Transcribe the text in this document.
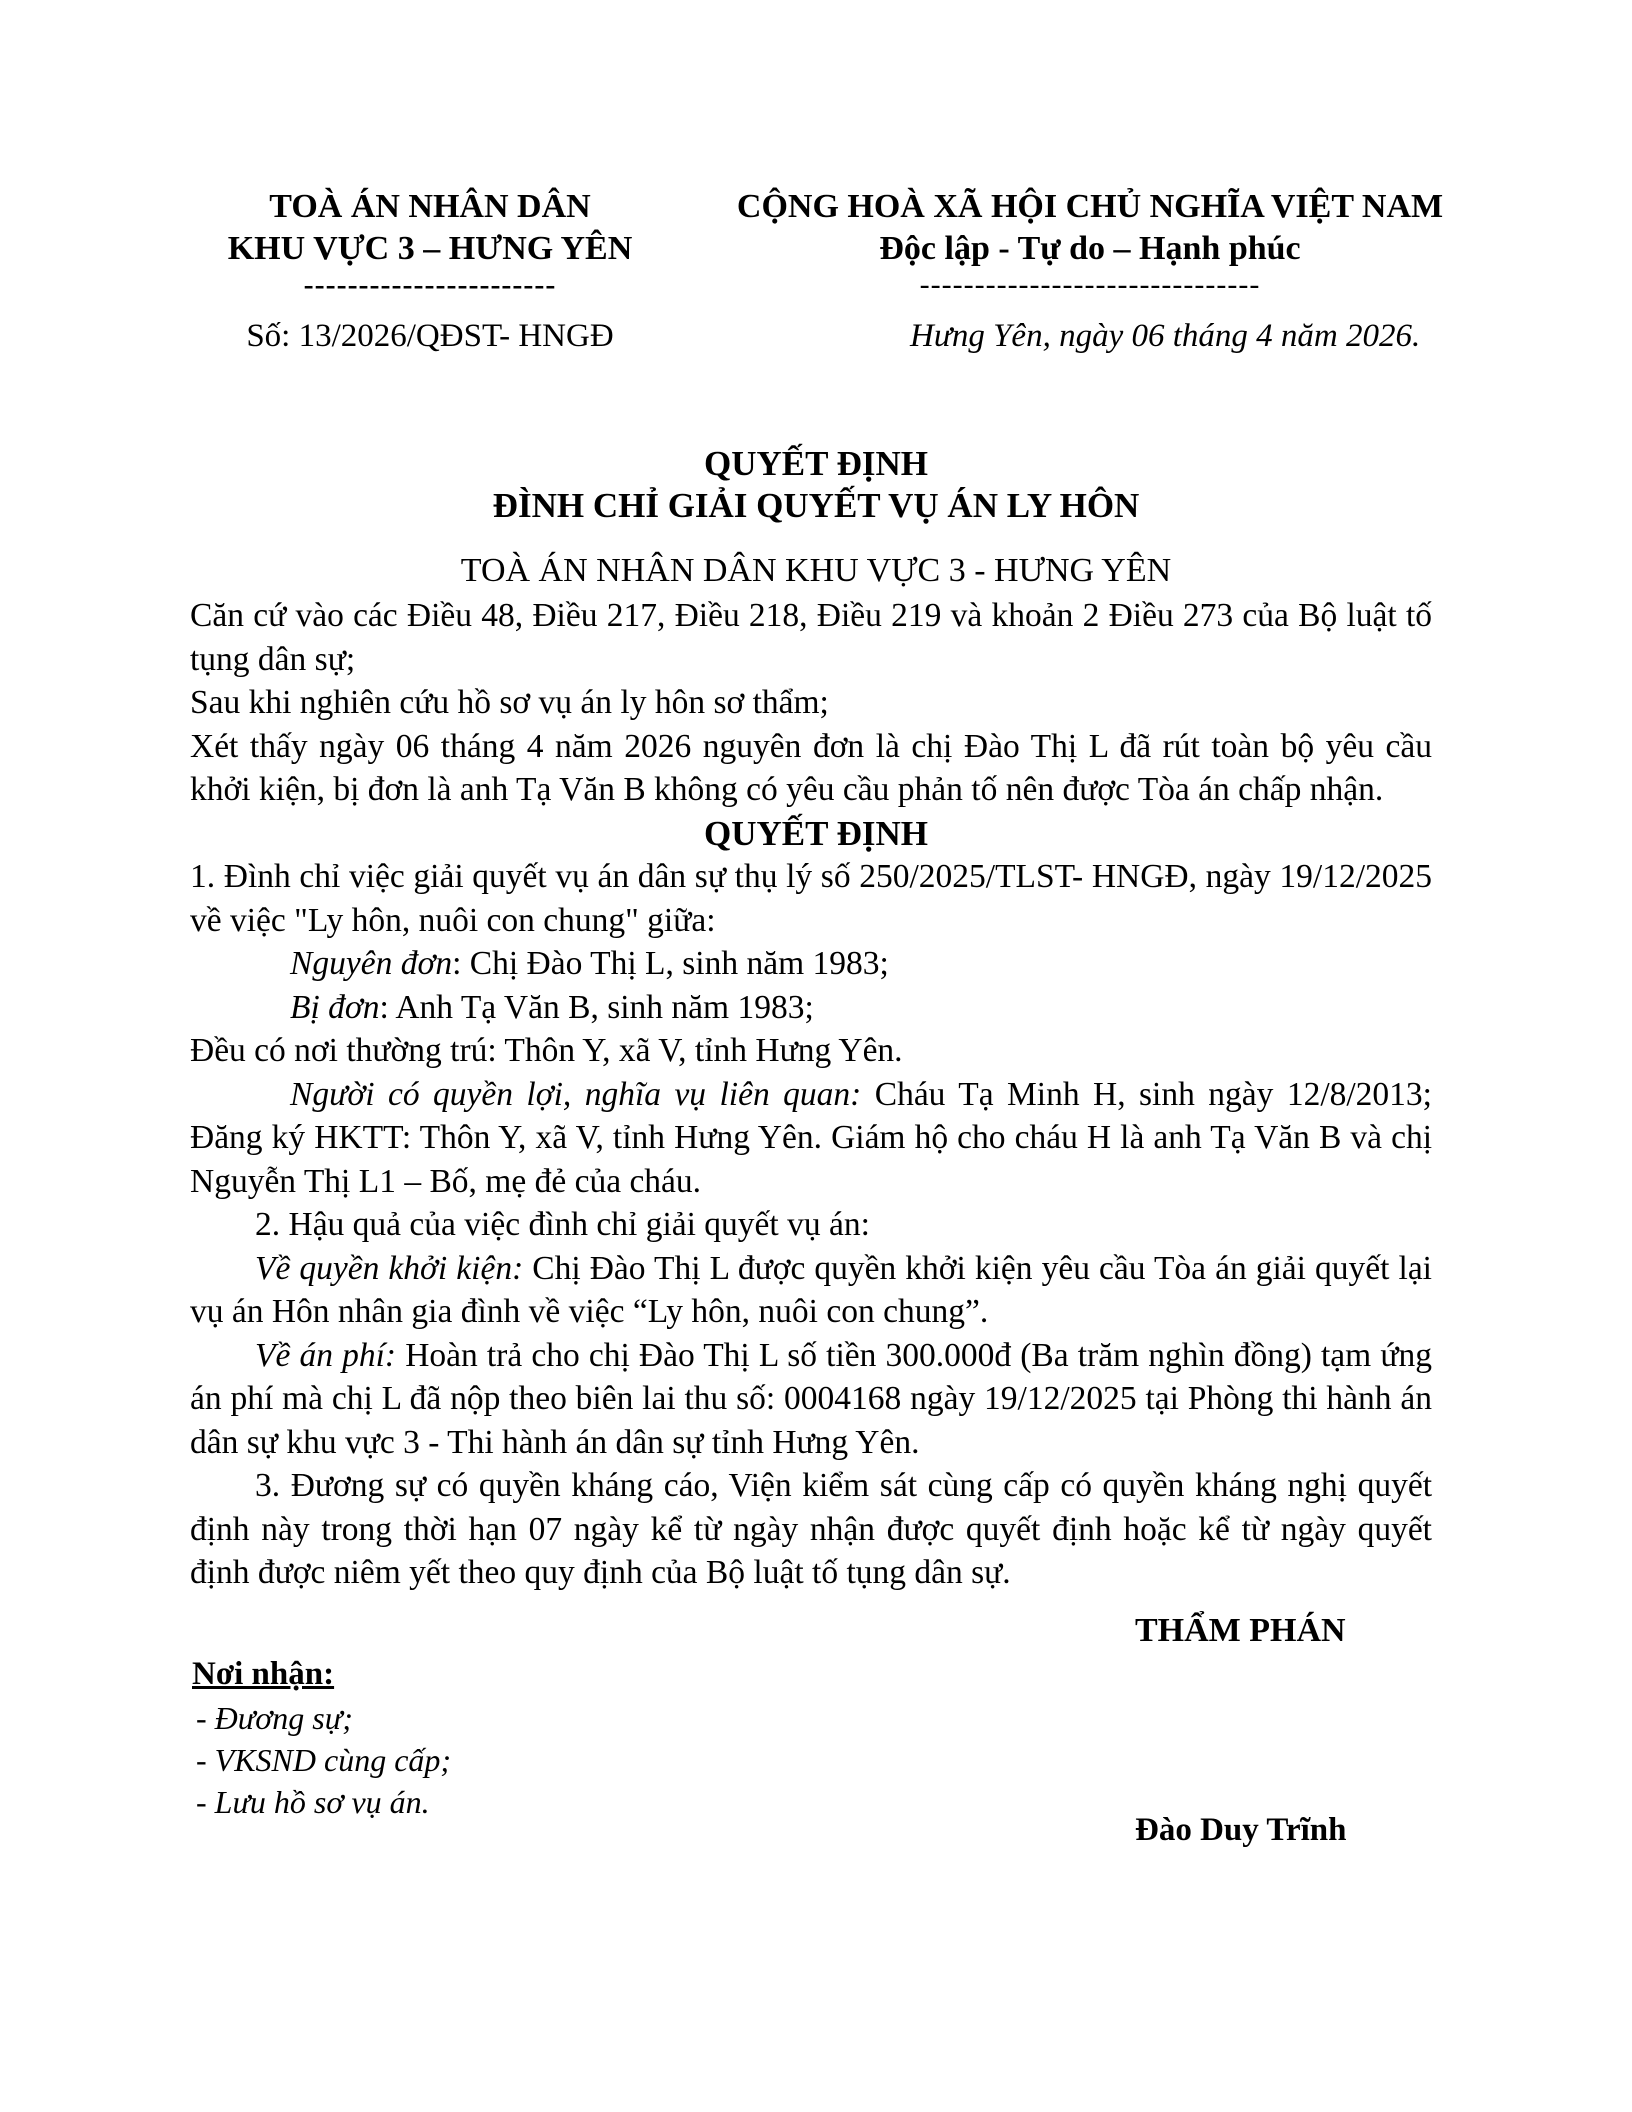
TOÀ ÁN NHÂN DÂN
KHU VỰC 3 – HƯNG YÊN
-----------------------
Số: 13/2026/QĐST- HNGĐ
CỘNG HOÀ XÃ HỘI CHỦ NGHĨA VIỆT NAM
Độc lập - Tự do – Hạnh phúc
-------------------------------
Hưng Yên, ngày 06 tháng 4 năm 2026.
QUYẾT ĐỊNH
ĐÌNH CHỈ GIẢI QUYẾT VỤ ÁN LY HÔN
TOÀ ÁN NHÂN DÂN KHU VỰC 3 - HƯNG YÊN

Căn cứ vào các Điều 48, Điều 217, Điều 218, Điều 219 và khoản 2 Điều 273 của Bộ luật tố tụng dân sự;

Sau khi nghiên cứu hồ sơ vụ án ly hôn sơ thẩm;

Xét thấy ngày 06 tháng 4 năm 2026 nguyên đơn là chị Đào Thị L đã rút toàn bộ yêu cầu khởi kiện, bị đơn là anh Tạ Văn B không có yêu cầu phản tố nên được Tòa án chấp nhận.

QUYẾT ĐỊNH

1. Đình chỉ việc giải quyết vụ án dân sự thụ lý số 250/2025/TLST- HNGĐ, ngày 19/12/2025 về việc "Ly hôn, nuôi con chung" giữa:

Nguyên đơn: Chị Đào Thị L, sinh năm 1983;

Bị đơn: Anh Tạ Văn B, sinh năm 1983;

Đều có nơi thường trú: Thôn Y, xã V, tỉnh Hưng Yên.

Người có quyền lợi, nghĩa vụ liên quan: Cháu Tạ Minh H, sinh ngày 12/8/2013; Đăng ký HKTT: Thôn Y, xã V, tỉnh Hưng Yên. Giám hộ cho cháu H là anh Tạ Văn B và chị Nguyễn Thị L1 – Bố, mẹ đẻ của cháu.

2. Hậu quả của việc đình chỉ giải quyết vụ án:

Về quyền khởi kiện: Chị Đào Thị L được quyền khởi kiện yêu cầu Tòa án giải quyết lại vụ án Hôn nhân gia đình về việc “Ly hôn, nuôi con chung”.

Về án phí: Hoàn trả cho chị Đào Thị L số tiền 300.000đ (Ba trăm nghìn đồng) tạm ứng án phí mà chị L đã nộp theo biên lai thu số: 0004168 ngày 19/12/2025 tại Phòng thi hành án dân sự khu vực 3 - Thi hành án dân sự tỉnh Hưng Yên.

3. Đương sự có quyền kháng cáo, Viện kiểm sát cùng cấp có quyền kháng nghị quyết định này trong thời hạn 07 ngày kể từ ngày nhận được quyết định hoặc kể từ ngày quyết định được niêm yết theo quy định của Bộ luật tố tụng dân sự.

THẨM PHÁN
Đào Duy Trĩnh
Nơi nhận:
- Đương sự;
- VKSND cùng cấp;
- Lưu hồ sơ vụ án.
